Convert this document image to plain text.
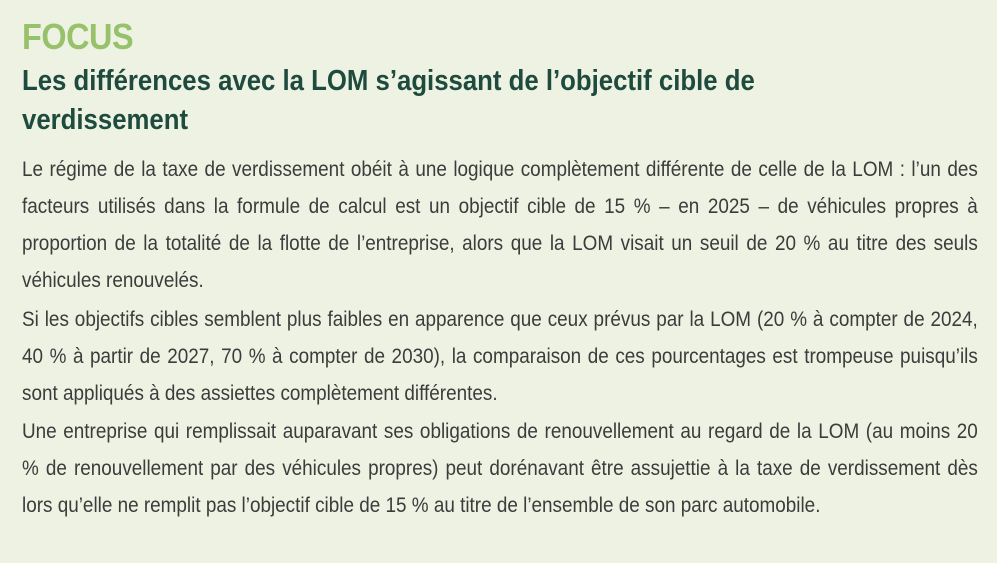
FOCUS
Les différences avec la LOM s’agissant de l’objectif cible de verdissement

Le régime de la taxe de verdissement obéit à une logique complètement différente de celle de la LOM : l’un des facteurs utilisés dans la formule de calcul est un objectif cible de 15 % – en 2025 – de véhicules propres à proportion de la totalité de la flotte de l’entreprise, alors que la LOM visait un seuil de 20 % au titre des seuls véhicules renouvelés.

Si les objectifs cibles semblent plus faibles en apparence que ceux prévus par la LOM (20 % à compter de 2024, 40 % à partir de 2027, 70 % à compter de 2030), la comparaison de ces pourcentages est trompeuse puisqu’ils sont appliqués à des assiettes complètement différentes.

Une entreprise qui remplissait auparavant ses obligations de renouvellement au regard de la LOM (au moins 20 % de renouvellement par des véhicules propres) peut dorénavant être assujettie à la taxe de verdissement dès lors qu’elle ne remplit pas l’objectif cible de 15 % au titre de l’ensemble de son parc automobile.
